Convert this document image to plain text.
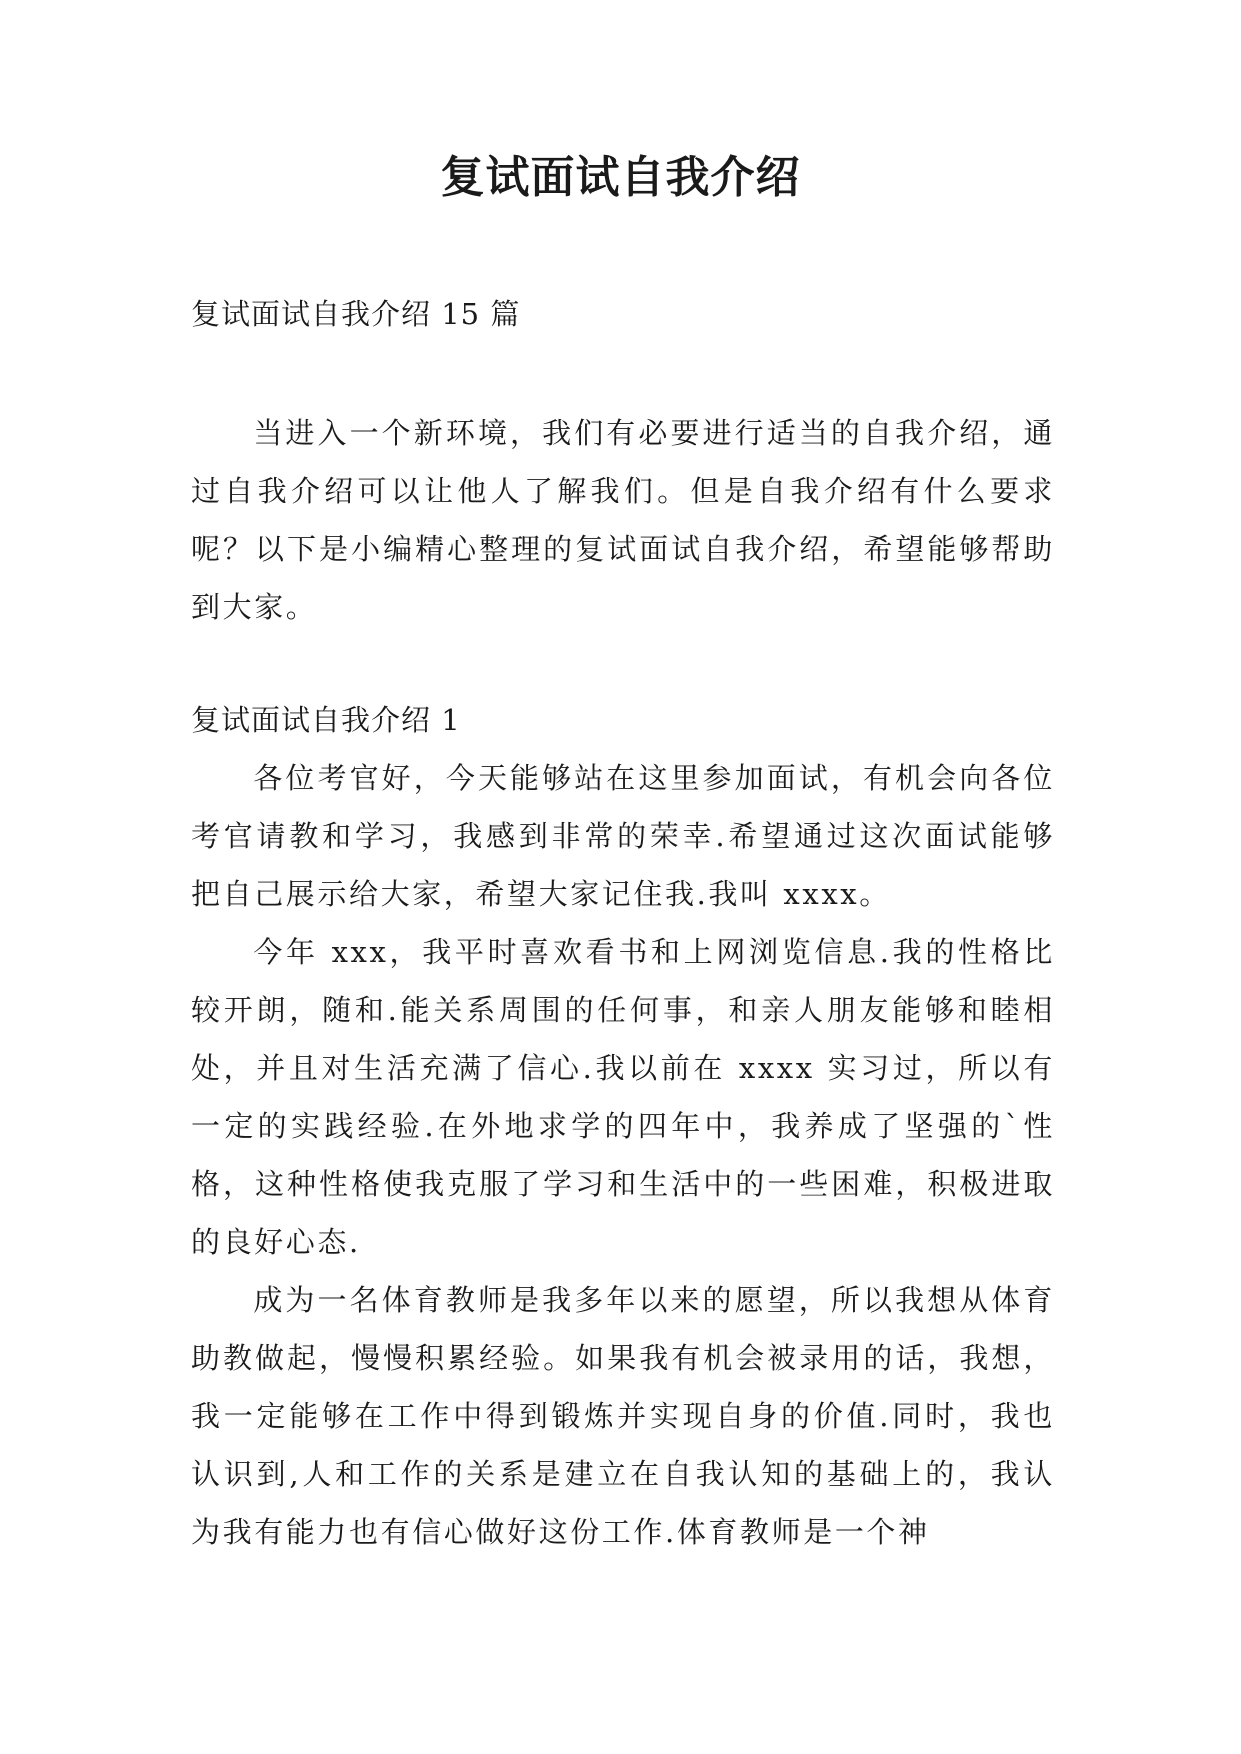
复试面试自我介绍
复试面试自我介绍 15 篇

当进入一个新环境，我们有必要进行适当的自我介绍，通过自我介绍可以让他人了解我们。但是自我介绍有什么要求呢？以下是小编精心整理的复试面试自我介绍，希望能够帮助到大家。

复试面试自我介绍 1

各位考官好，今天能够站在这里参加面试，有机会向各位考官请教和学习，我感到非常的荣幸.希望通过这次面试能够把自己展示给大家，希望大家记住我.我叫 xxxx。

今年 xxx，我平时喜欢看书和上网浏览信息.我的性格比较开朗，随和.能关系周围的任何事，和亲人朋友能够和睦相处，并且对生活充满了信心.我以前在 xxxx 实习过，所以有一定的实践经验.在外地求学的四年中，我养成了坚强的`性格，这种性格使我克服了学习和生活中的一些困难，积极进取的良好心态.

成为一名体育教师是我多年以来的愿望，所以我想从体育助教做起，慢慢积累经验。如果我有机会被录用的话，我想，我一定能够在工作中得到锻炼并实现自身的价值.同时，我也认识到,人和工作的关系是建立在自我认知的基础上的，我认为我有能力也有信心做好这份工作.体育教师是一个神
